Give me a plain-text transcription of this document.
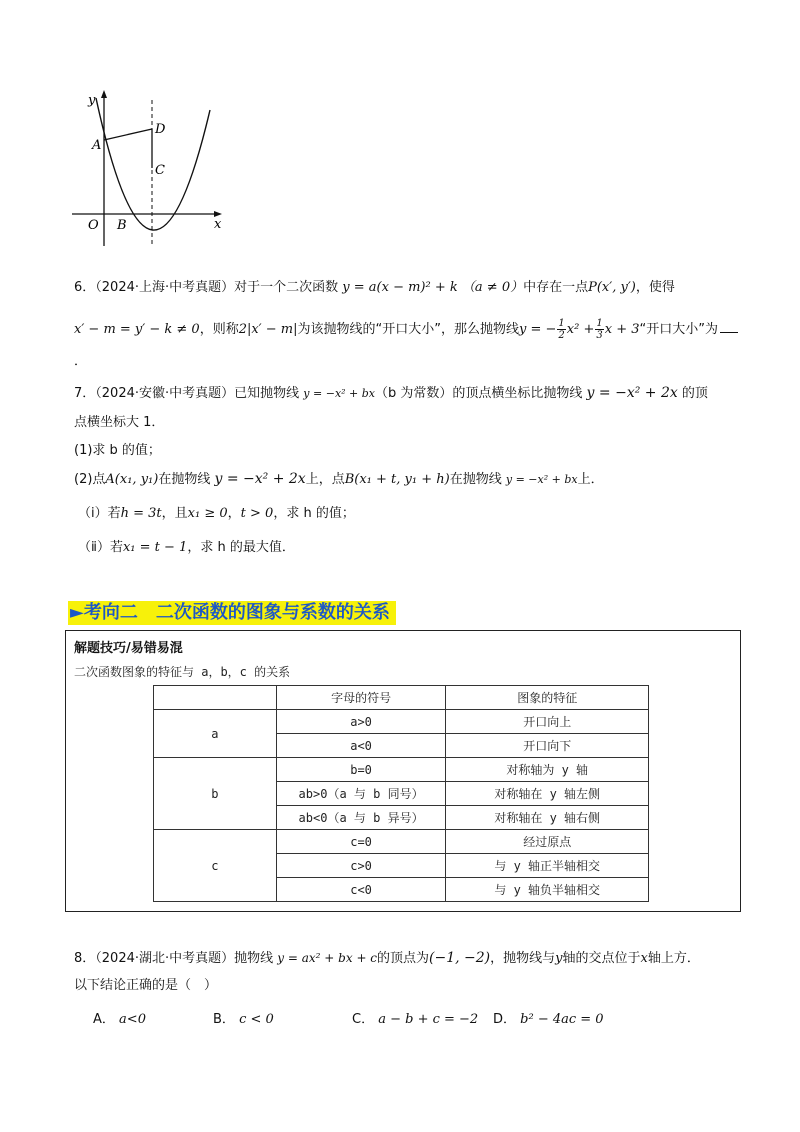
y
x
O
A
B
C
D
6．（2024·上海·中考真题）对于一个二次函数 y = a(x − m)² + k （a ≠ 0）中存在一点P(x′, y′)，使得
x′ − m = y′ − k ≠ 0，则称2|x′ − m|为该抛物线的“开口大小”，那么抛物线y = − $\frac{1}{2} x^2 + \frac{1}{3}$ x + 3“开口大小”为
．
7．（2024·安徽·中考真题）已知抛物线 y = −x² + bx（b 为常数）的顶点横坐标比抛物线 y = −x² + 2x 的顶
点横坐标大 1．
(1)求 b 的值；
(2)点A(x₁, y₁)在抛物线 y = −x² + 2x上，点B(x₁ + t, y₁ + h)在抛物线 y = −x² + bx上．
（ⅰ）若h = 3t，且x₁ ≥ 0，t > 0，求 h 的值；
（ⅱ）若x₁ = t − 1，求 h 的最大值．
►考向二　二次函数的图象与系数的关系
解题技巧/易错易混
二次函数图象的特征与 a，b，c 的关系
	字母的符号	图象的特征
a	a>0	开口向上
	a<0	开口向下
b	b=0	对称轴为 y 轴
	ab>0（a 与 b 同号）	对称轴在 y 轴左侧
	ab<0（a 与 b 异号）	对称轴在 y 轴右侧
c	c=0	经过原点
	c>0	与 y 轴正半轴相交
	c<0	与 y 轴负半轴相交
8．（2024·湖北·中考真题）抛物线 y = ax² + bx + c的顶点为(−1, −2)，抛物线与y轴的交点位于x轴上方．
以下结论正确的是（　）
A． a<0	B． c < 0	C． a − b + c = −2 D． b² − 4ac = 0
